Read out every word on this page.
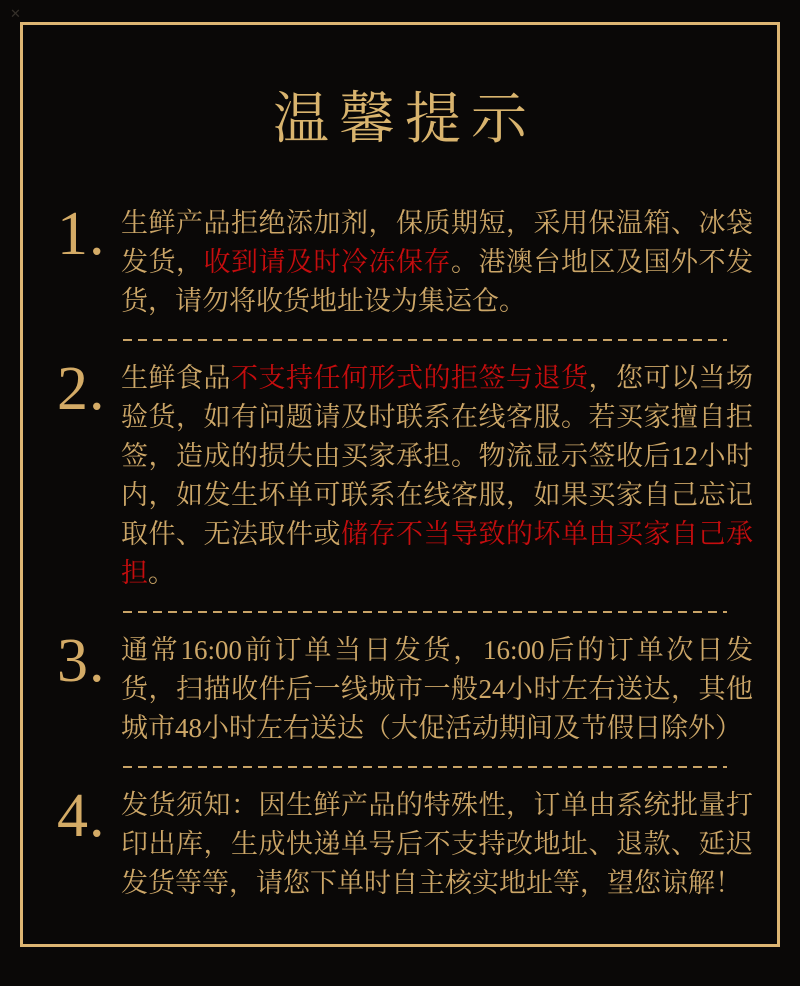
✕
温馨提示
1. 生鲜产品拒绝添加剂，保质期短，采用保温箱、冰袋发货，收到请及时冷冻保存。港澳台地区及国外不发货，请勿将收货地址设为集运仓。

2. 生鲜食品不支持任何形式的拒签与退货，您可以当场验货，如有问题请及时联系在线客服。若买家擅自拒签，造成的损失由买家承担。物流显示签收后12小时内，如发生坏单可联系在线客服，如果买家自己忘记取件、无法取件或储存不当导致的坏单由买家自己承担。

3. 通常16:00前订单当日发货，16:00后的订单次日发货，扫描收件后一线城市一般24小时左右送达，其他城市48小时左右送达（大促活动期间及节假日除外）

4. 发货须知：因生鲜产品的特殊性，订单由系统批量打印出库，生成快递单号后不支持改地址、退款、延迟发货等等，请您下单时自主核实地址等，望您谅解！
